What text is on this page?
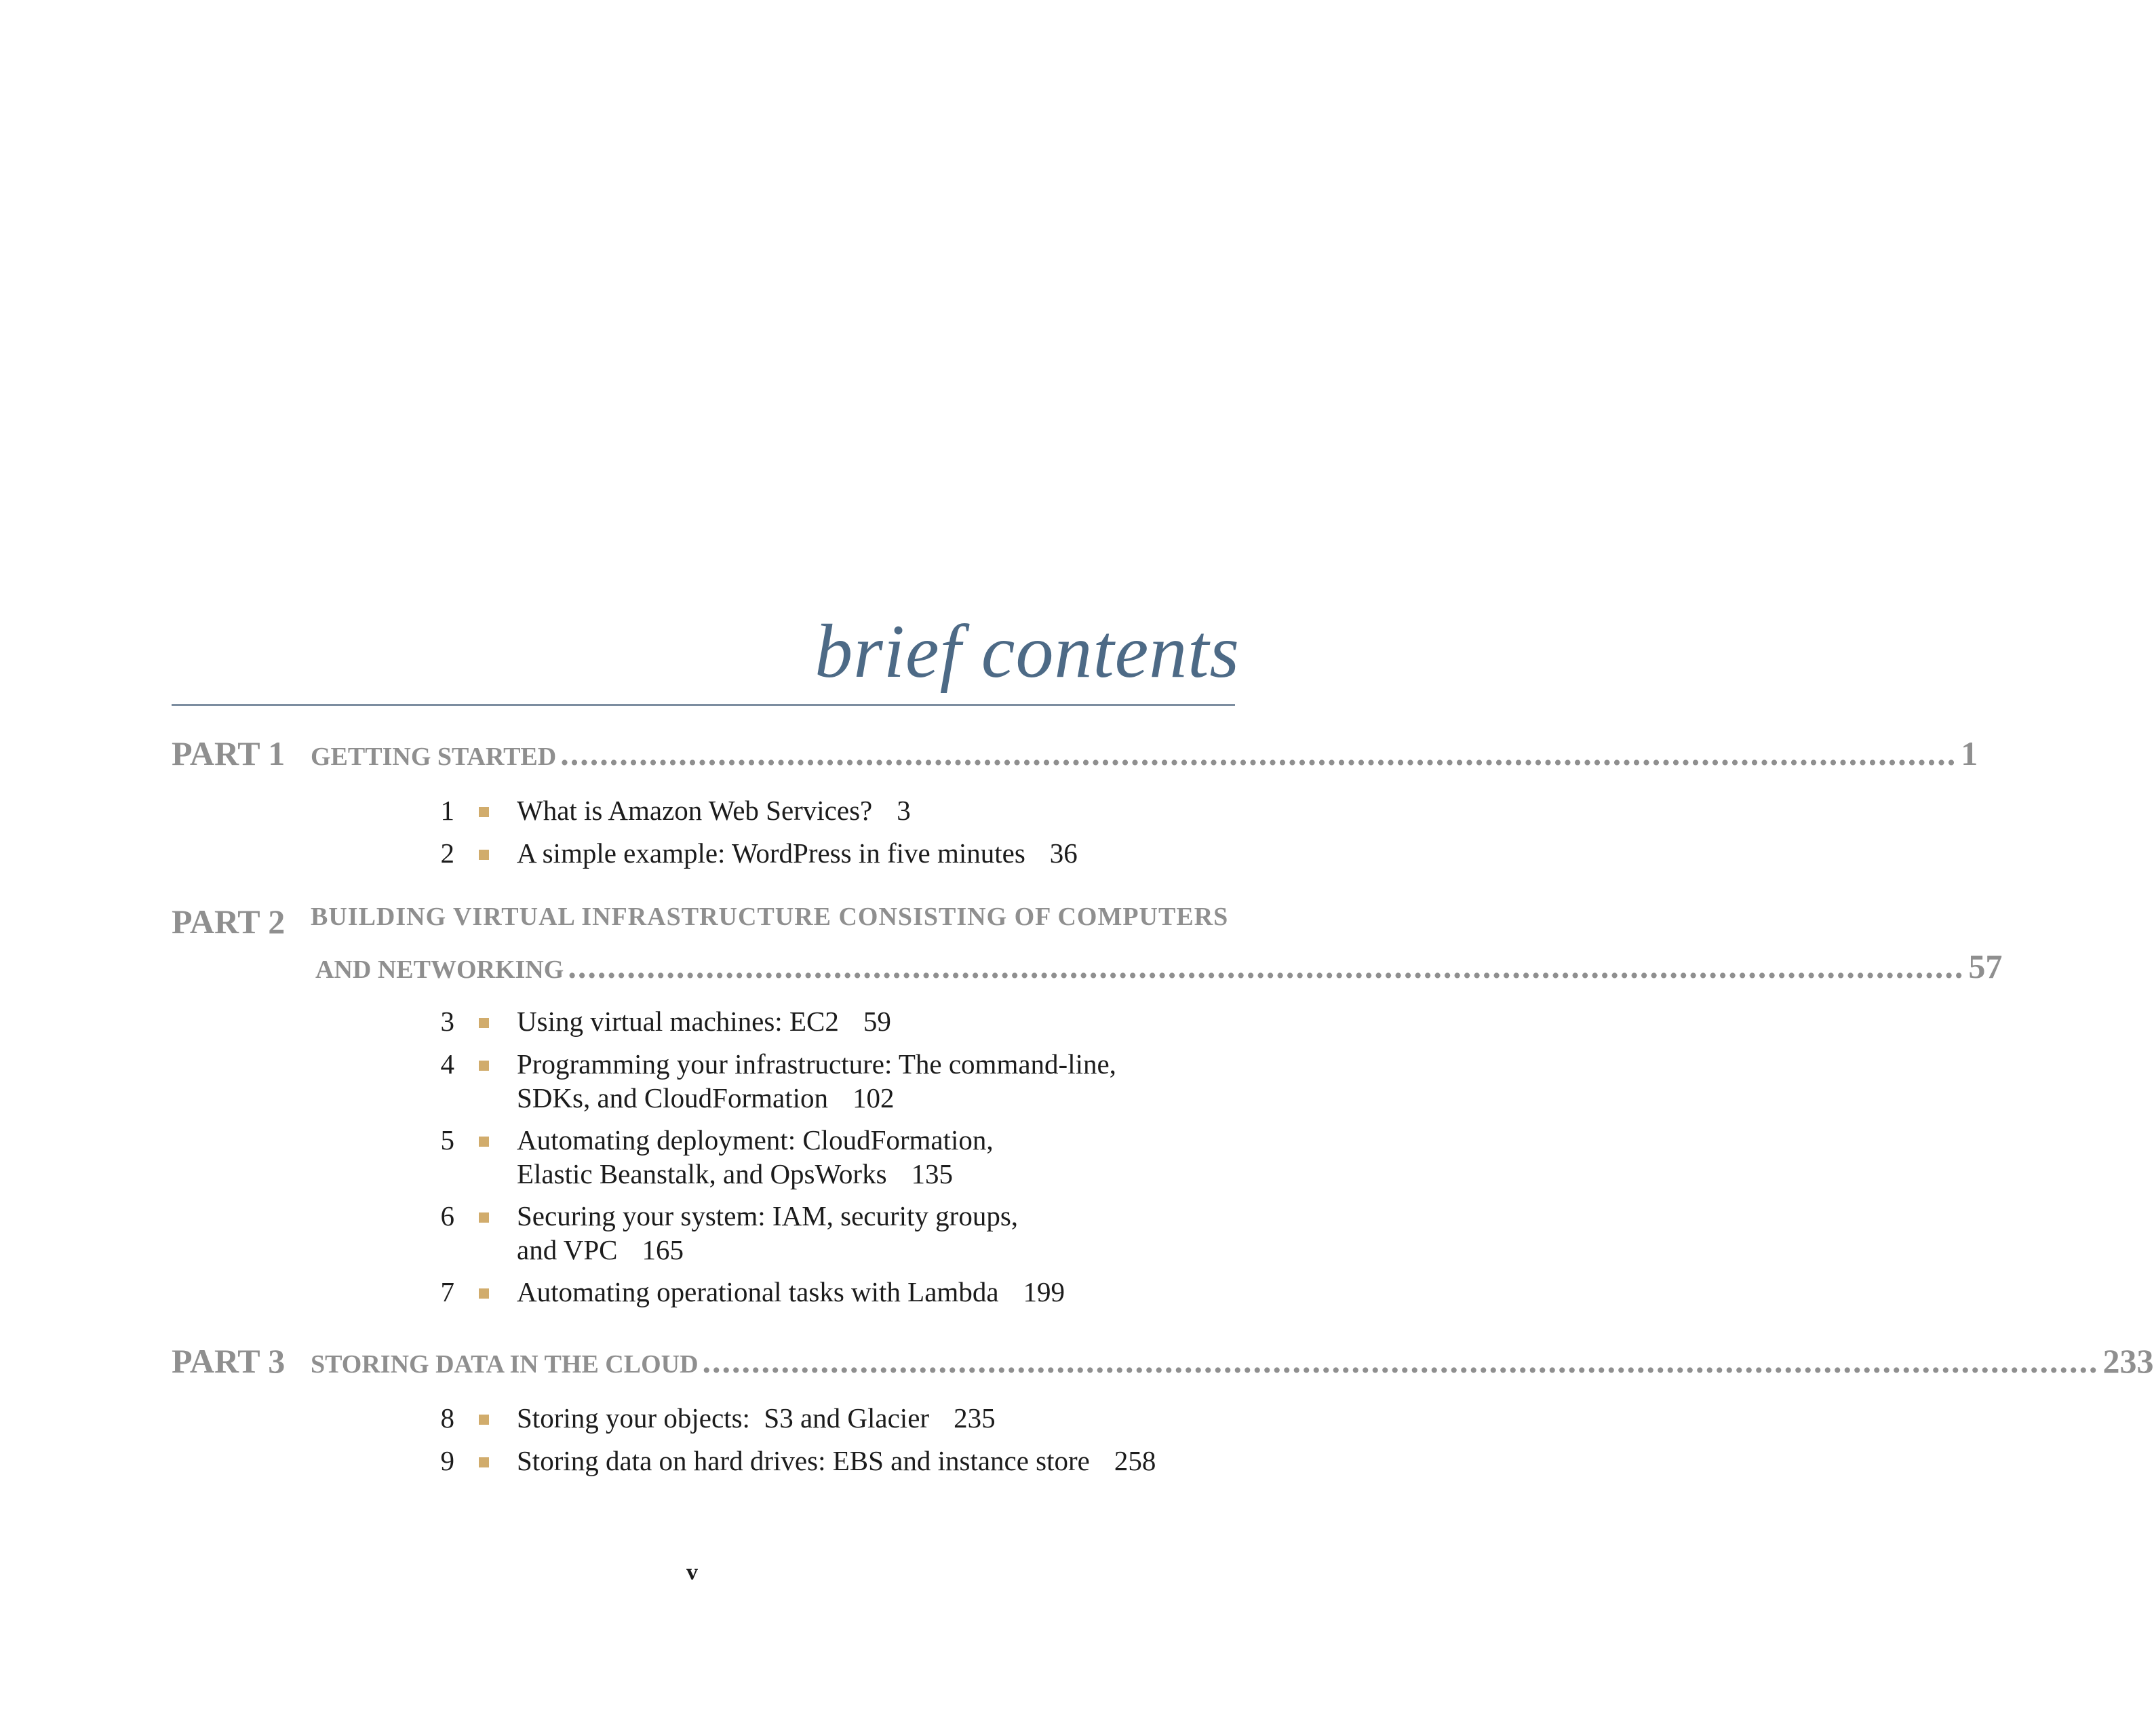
brief contents
PART 1 GETTING STARTED .............................................................................................................................................. 1
1 What is Amazon Web Services? 3
2 A simple example: WordPress in five minutes 36
PART 2 BUILDING VIRTUAL INFRASTRUCTURE CONSISTING OF COMPUTERS
AND NETWORKING .............................................................................................................................................. 57
3 Using virtual machines: EC2 59
4 Programming your infrastructure: The command-line,
SDKs, and CloudFormation 102
5 Automating deployment: CloudFormation,
Elastic Beanstalk, and OpsWorks 135
6 Securing your system: IAM, security groups,
and VPC 165
7 Automating operational tasks with Lambda 199
PART 3 STORING DATA IN THE CLOUD .............................................................................................................................................. 233
8 Storing your objects:  S3 and Glacier 235
9 Storing data on hard drives: EBS and instance store 258
v
